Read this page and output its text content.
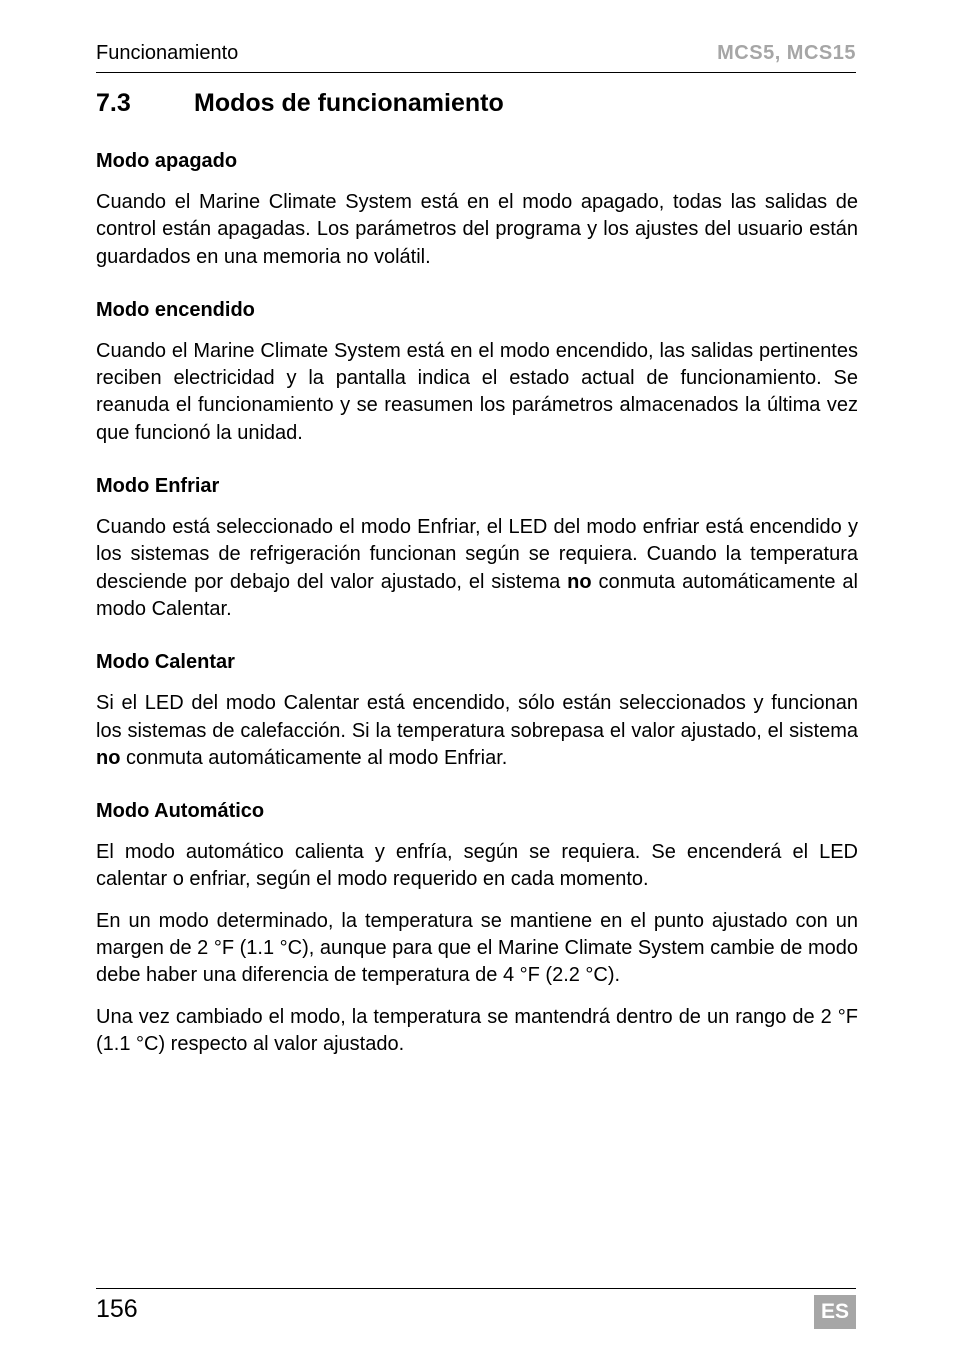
Funcionamiento	MCS5, MCS15
7.3	Modos de funcionamiento
Modo apagado

Cuando el Marine Climate System está en el modo apagado, todas las salidas de control están apagadas. Los parámetros del programa y los ajustes del usuario están guardados en una memoria no volátil.

Modo encendido

Cuando el Marine Climate System está en el modo encendido, las salidas pertinentes reciben electricidad y la pantalla indica el estado actual de funcionamiento. Se reanuda el funcionamiento y se reasumen los parámetros almacenados la última vez que funcionó la unidad.

Modo Enfriar

Cuando está seleccionado el modo Enfriar, el LED del modo enfriar está encendido y los sistemas de refrigeración funcionan según se requiera. Cuando la temperatura desciende por debajo del valor ajustado, el sistema no conmuta automáticamente al modo Calentar.

Modo Calentar

Si el LED del modo Calentar está encendido, sólo están seleccionados y funcionan los sistemas de calefacción. Si la temperatura sobrepasa el valor ajustado, el sistema no conmuta automáticamente al modo Enfriar.

Modo Automático

El modo automático calienta y enfría, según se requiera. Se encenderá el LED calentar o enfriar, según el modo requerido en cada momento.

En un modo determinado, la temperatura se mantiene en el punto ajustado con un margen de 2 °F (1.1 °C), aunque para que el Marine Climate System cambie de modo debe haber una diferencia de temperatura de 4 °F (2.2 °C).

Una vez cambiado el modo, la temperatura se mantendrá dentro de un rango de 2 °F (1.1 °C) respecto al valor ajustado.

156	ES
